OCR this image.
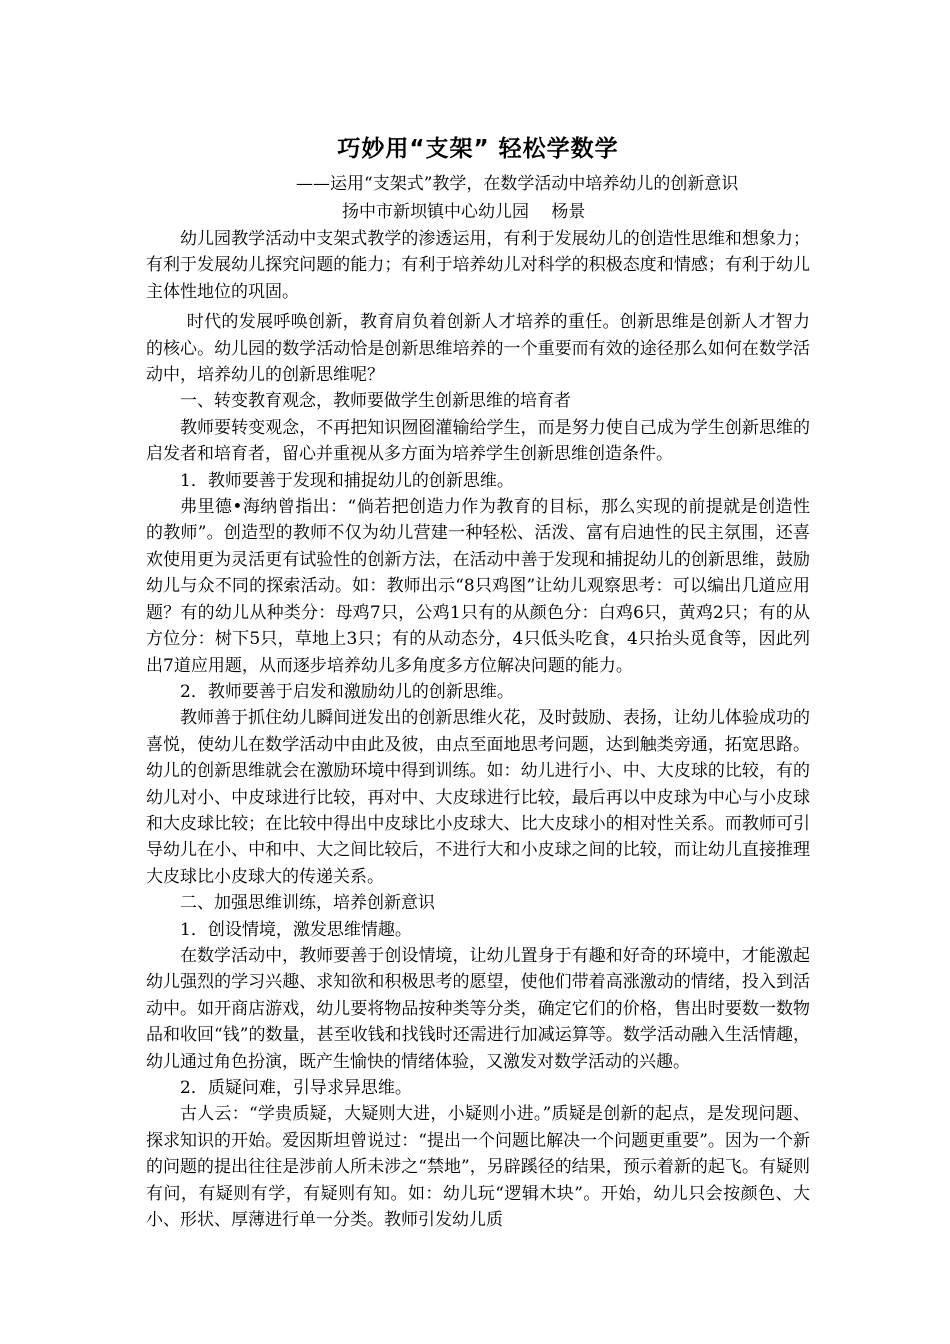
巧妙用“支架” 轻松学数学
——运用“支架式”教学，在数学活动中培养幼儿的创新意识
扬中市新坝镇中心幼儿园　 杨景

幼儿园教学活动中支架式教学的渗透运用，有利于发展幼儿的创造性思维和想象力；有利于发展幼儿探究问题的能力；有利于培养幼儿对科学的积极态度和情感；有利于幼儿主体性地位的巩固。

时代的发展呼唤创新，教育肩负着创新人才培养的重任。创新思维是创新人才智力的核心。幼儿园的数学活动恰是创新思维培养的一个重要而有效的途径那么如何在数学活动中，培养幼儿的创新思维呢？

一、转变教育观念，教师要做学生创新思维的培育者

教师要转变观念，不再把知识囫囵灌输给学生，而是努力使自己成为学生创新思维的启发者和培育者，留心并重视从多方面为培养学生创新思维创造条件。

1．教师要善于发现和捕捉幼儿的创新思维。

弗里德•海纳曾指出：“倘若把创造力作为教育的目标，那么实现的前提就是创造性的教师”。创造型的教师不仅为幼儿营建一种轻松、活泼、富有启迪性的民主氛围，还喜欢使用更为灵活更有试验性的创新方法，在活动中善于发现和捕捉幼儿的创新思维，鼓励幼儿与众不同的探索活动。如：教师出示“8只鸡图”让幼儿观察思考：可以编出几道应用题？有的幼儿从种类分：母鸡7只，公鸡1只有的从颜色分：白鸡6只，黄鸡2只；有的从方位分：树下5只，草地上3只；有的从动态分，4只低头吃食，4只抬头觅食等，因此列出7道应用题，从而逐步培养幼儿多角度多方位解决问题的能力。

2．教师要善于启发和激励幼儿的创新思维。

教师善于抓住幼儿瞬间迸发出的创新思维火花，及时鼓励、表扬，让幼儿体验成功的喜悦，使幼儿在数学活动中由此及彼，由点至面地思考问题，达到触类旁通，拓宽思路。幼儿的创新思维就会在激励环境中得到训练。如：幼儿进行小、中、大皮球的比较，有的幼儿对小、中皮球进行比较，再对中、大皮球进行比较，最后再以中皮球为中心与小皮球和大皮球比较；在比较中得出中皮球比小皮球大、比大皮球小的相对性关系。而教师可引导幼儿在小、中和中、大之间比较后，不进行大和小皮球之间的比较，而让幼儿直接推理大皮球比小皮球大的传递关系。

二、加强思维训练，培养创新意识

1．创设情境，激发思维情趣。

在数学活动中，教师要善于创设情境，让幼儿置身于有趣和好奇的环境中，才能激起幼儿强烈的学习兴趣、求知欲和积极思考的愿望，使他们带着高涨激动的情绪，投入到活动中。如开商店游戏，幼儿要将物品按种类等分类，确定它们的价格，售出时要数一数物品和收回“钱”的数量，甚至收钱和找钱时还需进行加减运算等。数学活动融入生活情趣，幼儿通过角色扮演，既产生愉快的情绪体验，又激发对数学活动的兴趣。

2．质疑问难，引导求异思维。

古人云：“学贵质疑，大疑则大进，小疑则小进。”质疑是创新的起点，是发现问题、探求知识的开始。爱因斯坦曾说过：“提出一个问题比解决一个问题更重要”。因为一个新的问题的提出往往是涉前人所未涉之“禁地”，另辟蹊径的结果，预示着新的起飞。有疑则有问，有疑则有学，有疑则有知。如：幼儿玩“逻辑木块”。开始，幼儿只会按颜色、大小、形状、厚薄进行单一分类。教师引发幼儿质
